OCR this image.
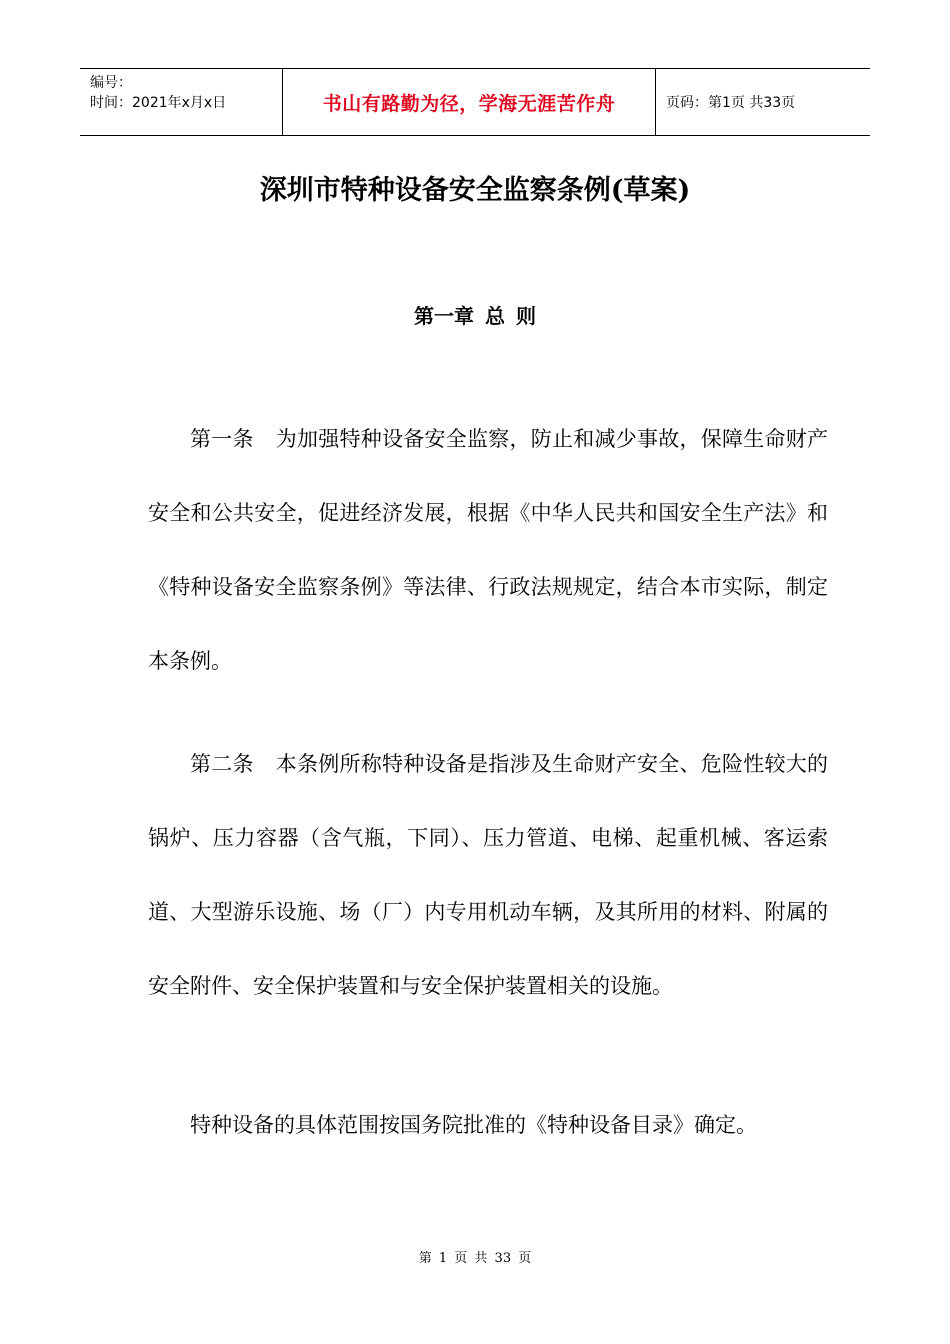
编号：
时间：2021年x月x日	书山有路勤为径，学海无涯苦作舟	页码：第1页 共33页
深圳市特种设备安全监察条例(草案)
第一章 总 则

第一条 为加强特种设备安全监察，防止和减少事故，保障生命财产安全和公共安全，促进经济发展，根据《中华人民共和国安全生产法》和《特种设备安全监察条例》等法律、行政法规规定，结合本市实际，制定本条例。

第二条 本条例所称特种设备是指涉及生命财产安全、危险性较大的锅炉、压力容器（含气瓶，下同）、压力管道、电梯、起重机械、客运索道、大型游乐设施、场（厂）内专用机动车辆，及其所用的材料、附属的安全附件、安全保护装置和与安全保护装置相关的设施。

特种设备的具体范围按国务院批准的《特种设备目录》确定。

第 1 页 共 33 页
